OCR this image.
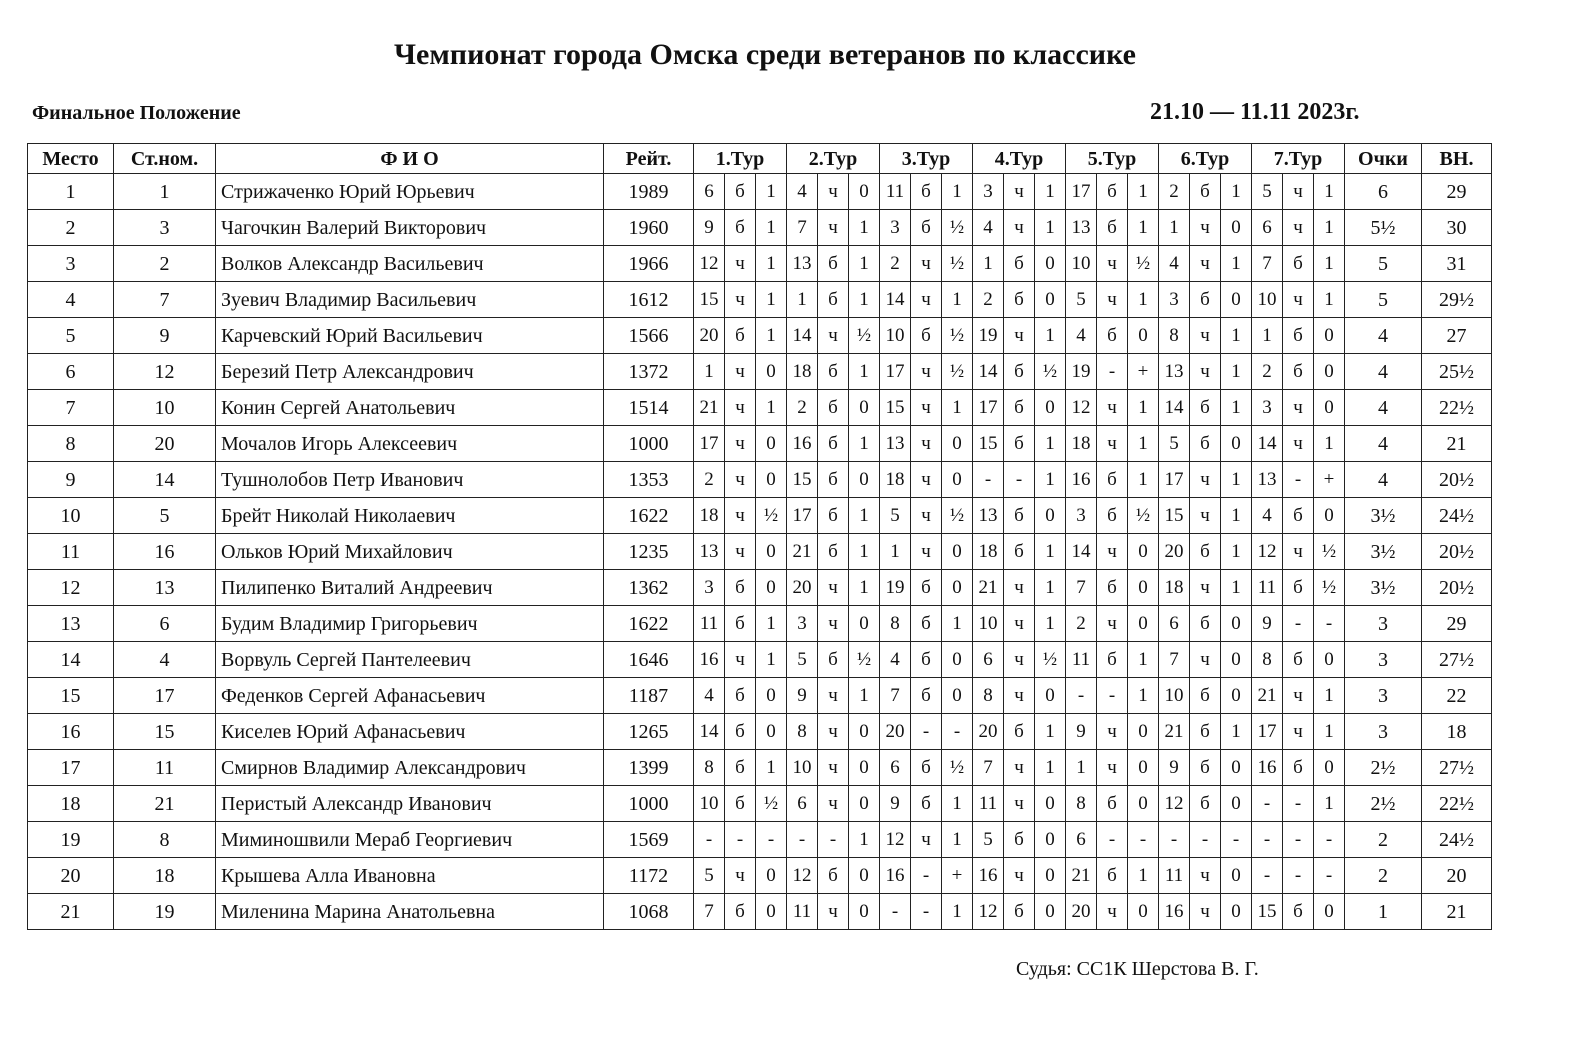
Чемпионат города Омска среди ветеранов по классике
Финальное Положение	21.10 — 11.11 2023г.
Место	Ст.ном.	Ф И О	Рейт.	1.Тур			2.Тур			3.Тур			4.Тур			5.Тур			6.Тур			7.Тур			Очки	ВН.
1	1	Стрижаченко Юрий Юрьевич	1989	6	б	1	4	ч	0	11	б	1	3	ч	1	17	б	1	2	б	1	5	ч	1	6	29
2	3	Чагочкин Валерий Викторович	1960	9	б	1	7	ч	1	3	б	½	4	ч	1	13	б	1	1	ч	0	6	ч	1	5½	30
3	2	Волков Александр Васильевич	1966	12	ч	1	13	б	1	2	ч	½	1	б	0	10	ч	½	4	ч	1	7	б	1	5	31
4	7	Зуевич Владимир Васильевич	1612	15	ч	1	1	б	1	14	ч	1	2	б	0	5	ч	1	3	б	0	10	ч	1	5	29½
5	9	Карчевский Юрий Васильевич	1566	20	б	1	14	ч	½	10	б	½	19	ч	1	4	б	0	8	ч	1	1	б	0	4	27
6	12	Березий Петр Александрович	1372	1	ч	0	18	б	1	17	ч	½	14	б	½	19	-	+	13	ч	1	2	б	0	4	25½
7	10	Конин Сергей Анатольевич	1514	21	ч	1	2	б	0	15	ч	1	17	б	0	12	ч	1	14	б	1	3	ч	0	4	22½
8	20	Мочалов Игорь Алексеевич	1000	17	ч	0	16	б	1	13	ч	0	15	б	1	18	ч	1	5	б	0	14	ч	1	4	21
9	14	Тушнолобов Петр Иванович	1353	2	ч	0	15	б	0	18	ч	0	-	-	1	16	б	1	17	ч	1	13	-	+	4	20½
10	5	Брейт Николай Николаевич	1622	18	ч	½	17	б	1	5	ч	½	13	б	0	3	б	½	15	ч	1	4	б	0	3½	24½
11	16	Ольков Юрий Михайлович	1235	13	ч	0	21	б	1	1	ч	0	18	б	1	14	ч	0	20	б	1	12	ч	½	3½	20½
12	13	Пилипенко Виталий Андреевич	1362	3	б	0	20	ч	1	19	б	0	21	ч	1	7	б	0	18	ч	1	11	б	½	3½	20½
13	6	Будим Владимир Григорьевич	1622	11	б	1	3	ч	0	8	б	1	10	ч	1	2	ч	0	6	б	0	9	-	-	3	29
14	4	Ворвуль Сергей Пантелеевич	1646	16	ч	1	5	б	½	4	б	0	6	ч	½	11	б	1	7	ч	0	8	б	0	3	27½
15	17	Феденков Сергей Афанасьевич	1187	4	б	0	9	ч	1	7	б	0	8	ч	0	-	-	1	10	б	0	21	ч	1	3	22
16	15	Киселев Юрий Афанасьевич	1265	14	б	0	8	ч	0	20	-	-	20	б	1	9	ч	0	21	б	1	17	ч	1	3	18
17	11	Смирнов Владимир Александрович	1399	8	б	1	10	ч	0	6	б	½	7	ч	1	1	ч	0	9	б	0	16	б	0	2½	27½
18	21	Перистый Александр Иванович	1000	10	б	½	6	ч	0	9	б	1	11	ч	0	8	б	0	12	б	0	-	-	1	2½	22½
19	8	Миминошвили Мераб Георгиевич	1569	-	-	-	-	-	1	12	ч	1	5	б	0	6	-	-	-	-	-	-	-	-	2	24½
20	18	Крышева Алла Ивановна	1172	5	ч	0	12	б	0	16	-	+	16	ч	0	21	б	1	11	ч	0	-	-	-	2	20
21	19	Миленина Марина Анатольевна	1068	7	б	0	11	ч	0	-	-	1	12	б	0	20	ч	0	16	ч	0	15	б	0	1	21
Судья: СС1К Шерстова В. Г.
